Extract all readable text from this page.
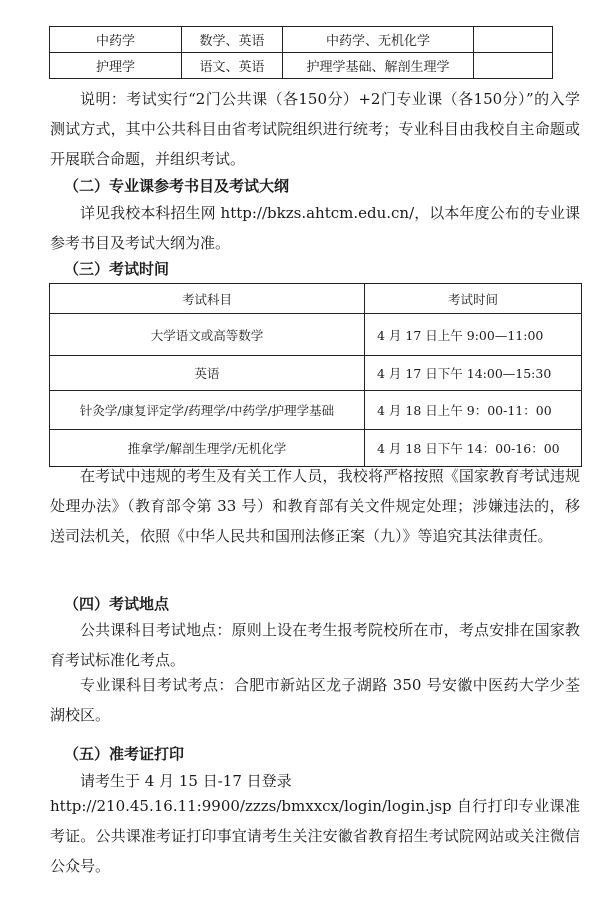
中药学	数学、英语	中药学、无机化学	
护理学	语文、英语	护理学基础、解剖生理学	

说明：考试实行“2门公共课（各150分）+2门专业课（各150分）”的入学测试方式，其中公共科目由省考试院组织进行统考；专业科目由我校自主命题或开展联合命题，并组织考试。

（二）专业课参考书目及考试大纲

详见我校本科招生网 http://bkzs.ahtcm.edu.cn/，以本年度公布的专业课参考书目及考试大纲为准。

（三）考试时间

考试科目	考试时间
大学语文或高等数学	4 月 17 日上午 9:00—11:00
英语	4 月 17 日下午 14:00—15:30
针灸学/康复评定学/药理学/中药学/护理学基础	4 月 18 日上午 9：00-11：00
推拿学/解剖生理学/无机化学	4 月 18 日下午 14：00-16：00

在考试中违规的考生及有关工作人员，我校将严格按照《国家教育考试违规处理办法》（教育部令第 33 号）和教育部有关文件规定处理；涉嫌违法的，移送司法机关，依照《中华人民共和国刑法修正案（九）》等追究其法律责任。

（四）考试地点

公共课科目考试地点：原则上设在考生报考院校所在市，考点安排在国家教育考试标准化考点。

专业课科目考试考点：合肥市新站区龙子湖路 350 号安徽中医药大学少荃湖校区。

（五）准考证打印

请考生于 4 月 15 日-17 日登录

http://210.45.16.11:9900/zzzs/bmxxcx/login/login.jsp 自行打印专业课准考证。公共课准考证打印事宜请考生关注安徽省教育招生考试院网站或关注微信公众号。
